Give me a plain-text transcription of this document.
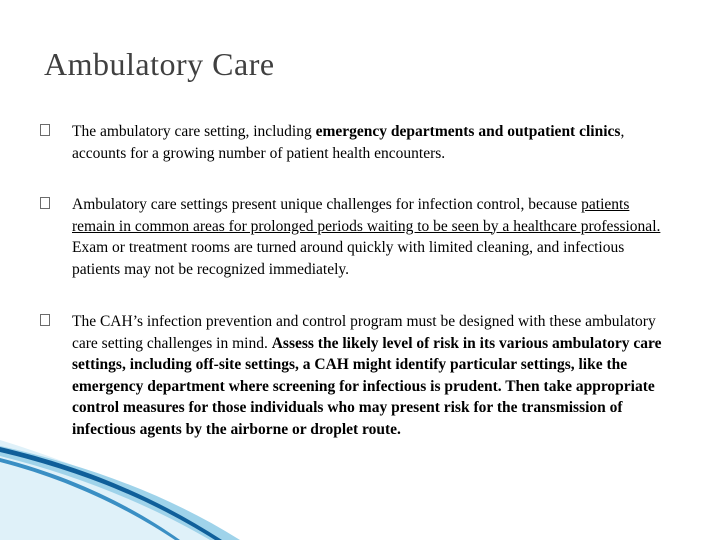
Ambulatory Care
The ambulatory care setting, including emergency departments and outpatient clinics, accounts for a growing number of patient health encounters.
Ambulatory care settings present unique challenges for infection control, because patients remain in common areas for prolonged periods waiting to be seen by a healthcare professional. Exam or treatment rooms are turned around quickly with limited cleaning, and infectious patients may not be recognized immediately.
The CAH’s infection prevention and control program must be designed with these ambulatory care setting challenges in mind. Assess the likely level of risk in its various ambulatory care settings, including off-site settings, a CAH might identify particular settings, like the emergency department where screening for infectious is prudent. Then take appropriate control measures for those individuals who may present risk for the transmission of infectious agents by the airborne or droplet route.
